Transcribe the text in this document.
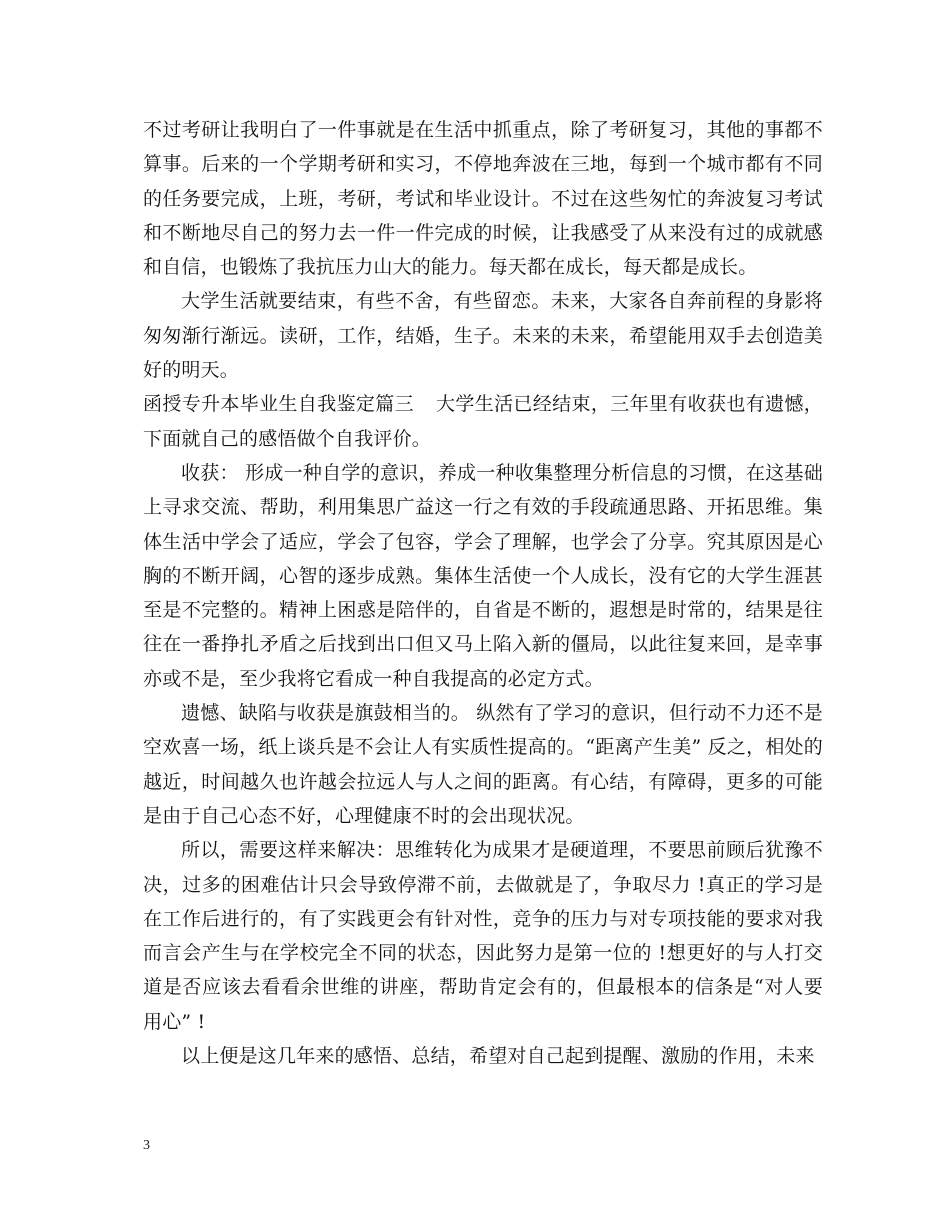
不过考研让我明白了一件事就是在生活中抓重点，除了考研复习，其他的事都不算事。后来的一个学期考研和实习，不停地奔波在三地，每到一个城市都有不同的任务要完成，上班，考研，考试和毕业设计。不过在这些匆忙的奔波复习考试和不断地尽自己的努力去一件一件完成的时候，让我感受了从来没有过的成就感和自信，也锻炼了我抗压力山大的能力。每天都在成长，每天都是成长。

大学生活就要结束，有些不舍，有些留恋。未来，大家各自奔前程的身影将匆匆渐行渐远。读研，工作，结婚，生子。未来的未来，希望能用双手去创造美好的明天。

函授专升本毕业生自我鉴定篇三 大学生活已经结束，三年里有收获也有遗憾，下面就自己的感悟做个自我评价。

收获： 形成一种自学的意识，养成一种收集整理分析信息的习惯，在这基础上寻求交流、帮助，利用集思广益这一行之有效的手段疏通思路、开拓思维。集体生活中学会了适应，学会了包容，学会了理解，也学会了分享。究其原因是心胸的不断开阔，心智的逐步成熟。集体生活使一个人成长，没有它的大学生涯甚至是不完整的。精神上困惑是陪伴的，自省是不断的，遐想是时常的，结果是往往在一番挣扎矛盾之后找到出口但又马上陷入新的僵局，以此往复来回，是幸事亦或不是，至少我将它看成一种自我提高的必定方式。

遗憾、缺陷与收获是旗鼓相当的。 纵然有了学习的意识，但行动不力还不是空欢喜一场，纸上谈兵是不会让人有实质性提高的。“距离产生美” 反之，相处的越近，时间越久也许越会拉远人与人之间的距离。有心结，有障碍，更多的可能是由于自己心态不好，心理健康不时的会出现状况。

所以，需要这样来解决：思维转化为成果才是硬道理，不要思前顾后犹豫不决，过多的困难估计只会导致停滞不前，去做就是了，争取尽力 !真正的学习是在工作后进行的，有了实践更会有针对性，竞争的压力与对专项技能的要求对我而言会产生与在学校完全不同的状态，因此努力是第一位的 !想更好的与人打交道是否应该去看看余世维的讲座，帮助肯定会有的，但最根本的信条是“对人要用心” !

以上便是这几年来的感悟、总结，希望对自己起到提醒、激励的作用，未来

3
